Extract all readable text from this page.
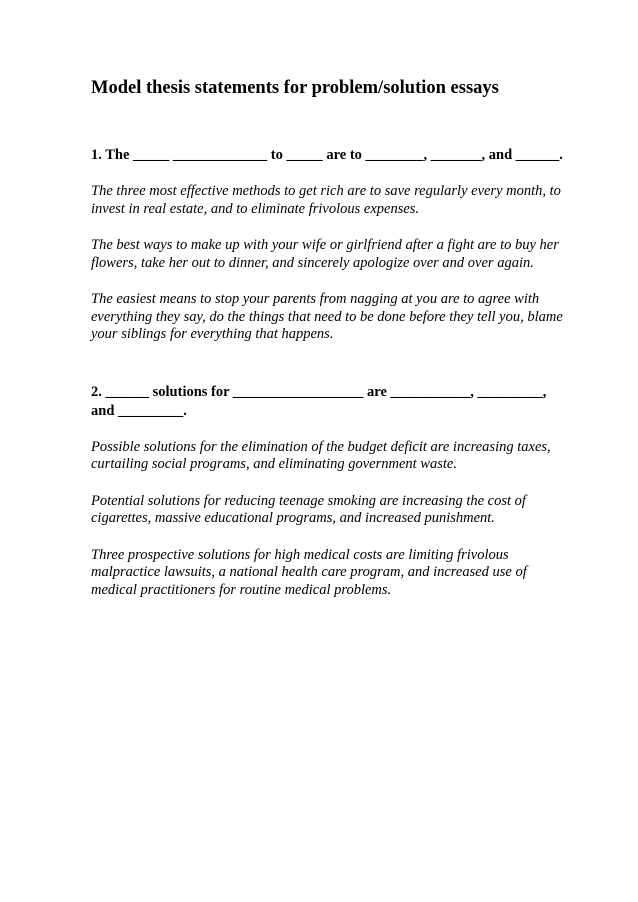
Model thesis statements for problem/solution essays

1. The _____ _____________ to _____ are to ________, _______, and ______.

The three most effective methods to get rich are to save regularly every month, to invest in real estate, and to eliminate frivolous expenses.

The best ways to make up with your wife or girlfriend after a fight are to buy her flowers, take her out to dinner, and sincerely apologize over and over again.

The easiest means to stop your parents from nagging at you are to agree with everything they say, do the things that need to be done before they tell you, blame your siblings for everything that happens.

2. ______ solutions for __________________ are ___________, _________, and _________.

Possible solutions for the elimination of the budget deficit are increasing taxes, curtailing social programs, and eliminating government waste.

Potential solutions for reducing teenage smoking are increasing the cost of cigarettes, massive educational programs, and increased punishment.

Three prospective solutions for high medical costs are limiting frivolous malpractice lawsuits, a national health care program, and increased use of medical practitioners for routine medical problems.
